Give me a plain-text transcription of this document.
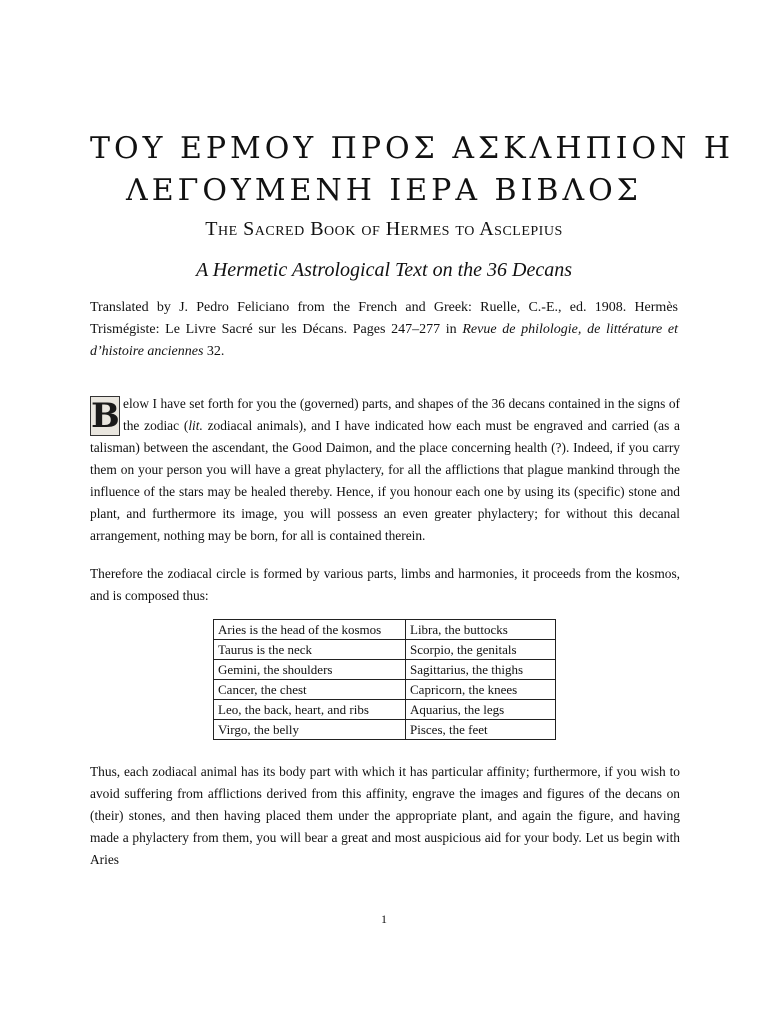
ΤΟΥ ΕΡΜΟΥ ΠΡΟΣ ΑΣΚΛΗΠΙΟΝ Η
ΛΕΓΟΥΜΕΝΗ ΙΕΡΑ ΒΙΒΛΟΣ
The Sacred Book of Hermes to Asclepius
A Hermetic Astrological Text on the 36 Decans
Translated by J. Pedro Feliciano from the French and Greek: Ruelle, C.-E., ed. 1908. Hermès Trismégiste: Le Livre Sacré sur les Décans. Pages 247–277 in Revue de philologie, de littérature et d’histoire anciennes 32.
B elow I have set forth for you the (governed) parts, and shapes of the 36 decans contained in the signs of the zodiac (lit. zodiacal animals), and I have indicated how each must be engraved and carried (as a talisman) between the ascendant, the Good Daimon, and the place concerning health (?). Indeed, if you carry them on your person you will have a great phylactery, for all the afflictions that plague mankind through the influence of the stars may be healed thereby. Hence, if you honour each one by using its (specific) stone and plant, and furthermore its image, you will possess an even greater phylactery; for without this decanal arrangement, nothing may be born, for all is contained therein.
Therefore the zodiacal circle is formed by various parts, limbs and harmonies, it proceeds from the kosmos, and is composed thus:
Aries is the head of the kosmos	Libra, the buttocks
Taurus is the neck	Scorpio, the genitals
Gemini, the shoulders	Sagittarius, the thighs
Cancer, the chest	Capricorn, the knees
Leo, the back, heart, and ribs	Aquarius, the legs
Virgo, the belly	Pisces, the feet
Thus, each zodiacal animal has its body part with which it has particular affinity; furthermore, if you wish to avoid suffering from afflictions derived from this affinity, engrave the images and figures of the decans on (their) stones, and then having placed them under the appropriate plant, and again the figure, and having made a phylactery from them, you will bear a great and most auspicious aid for your body. Let us begin with Aries
1
